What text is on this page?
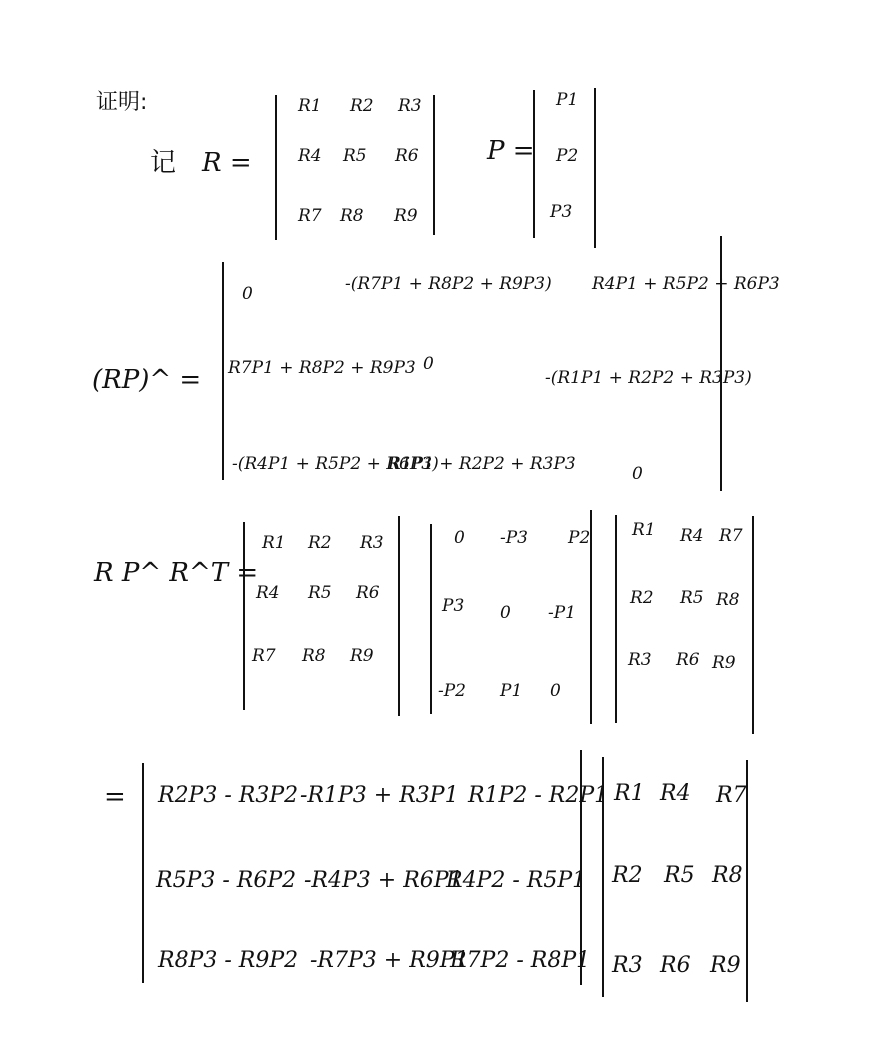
证明:
记 R =
R1 R2 R3
R4 R5 R6
R7 R8 R9
P =
P1
P2
P3
(RP)^ =
0	-(R7P1 + R8P2 + R9P3) R4P1 + R5P2 + R6P3
R7P1 + R8P2 + R9P3 0
-(R1P1 + R2P2 + R3P3)
-(R4P1 + R5P2 + R6P3)
R1P1 + R2P2 + R3P3	0
R P^ R^T =
R1 R2 R3
R4 R5 R6
R7 R8 R9
0 -P3 P2
P3 0 -P1
-P2 P1 0
R1 R4 R7
R2 R5 R8
R3 R6 R9
= R2P3 - R3P2 -R1P3 + R3P1 R1P2 - R2P1
R5P3 - R6P2 -R4P3 + R6P1
R4P2 - R5P1
R8P3 - R9P2 -R7P3 + R9P1
R7P2 - R8P1
R1 R4 R7
R2 R5 R8
R3 R6 R9
